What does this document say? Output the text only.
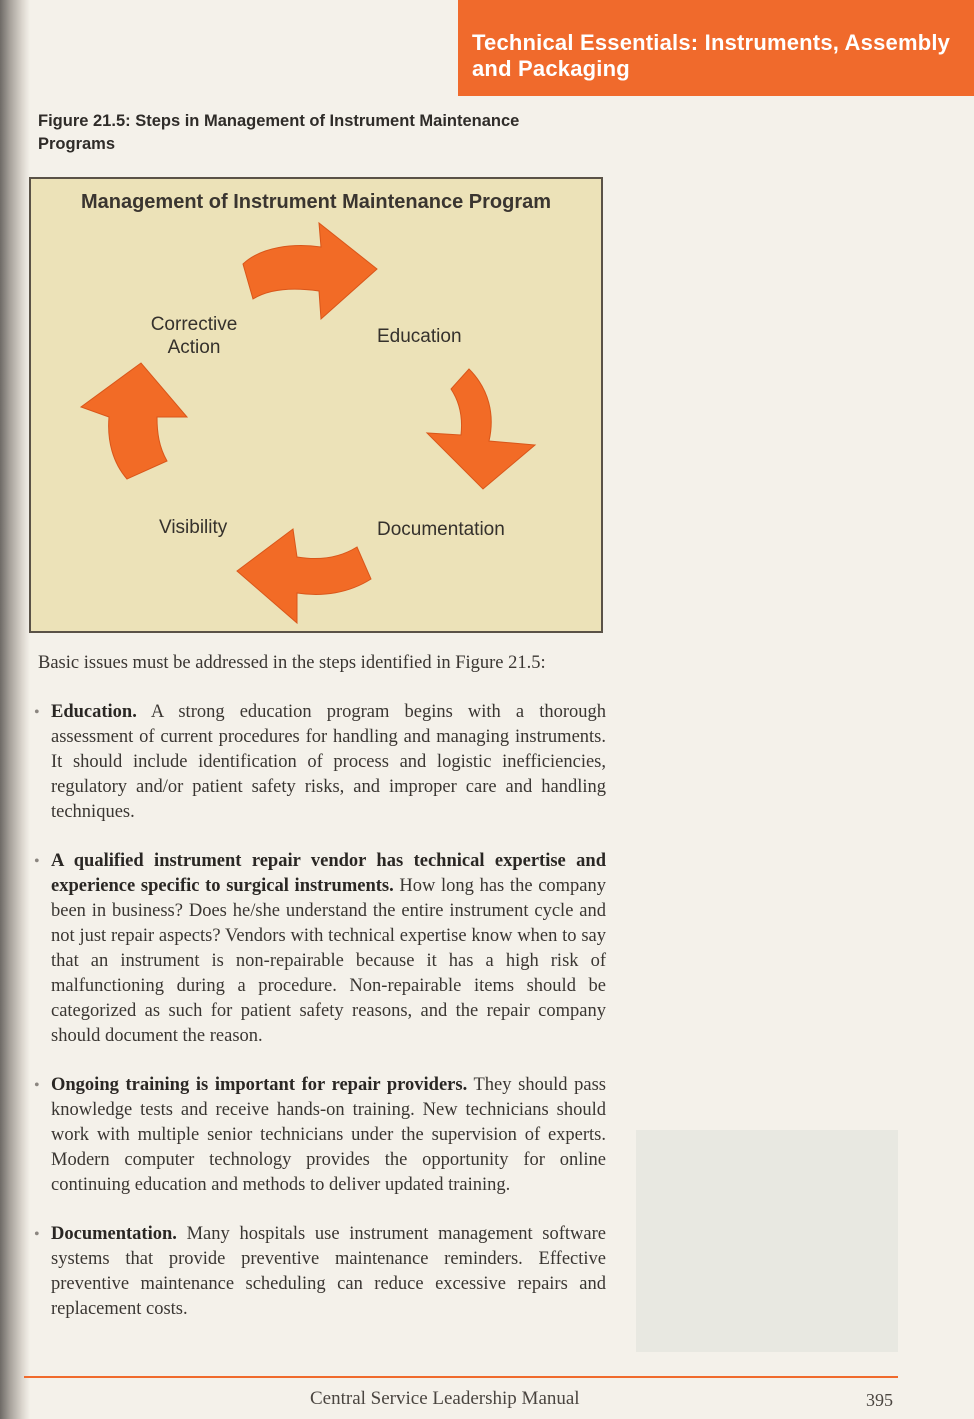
Technical Essentials: Instruments, Assembly and Packaging
Figure 21.5: Steps in Management of Instrument Maintenance Programs
Management of Instrument Maintenance Program
Corrective
Action
Education
Documentation
Visibility
Basic issues must be addressed in the steps identified in Figure 21.5:
• Education. A strong education program begins with a thorough assessment of current procedures for handling and managing instruments. It should include identification of process and logistic inefficiencies, regulatory and/or patient safety risks, and improper care and handling techniques.
• A qualified instrument repair vendor has technical expertise and experience specific to surgical instruments. How long has the company been in business? Does he/she understand the entire instrument cycle and not just repair aspects? Vendors with technical expertise know when to say that an instrument is non-repairable because it has a high risk of malfunctioning during a procedure. Non-repairable items should be categorized as such for patient safety reasons, and the repair company should document the reason.
• Ongoing training is important for repair providers. They should pass knowledge tests and receive hands-on training. New technicians should work with multiple senior technicians under the supervision of experts. Modern computer technology provides the opportunity for online continuing education and methods to deliver updated training.
• Documentation. Many hospitals use instrument management software systems that provide preventive maintenance reminders. Effective preventive maintenance scheduling can reduce excessive repairs and replacement costs.
Central Service Leadership Manual	395
